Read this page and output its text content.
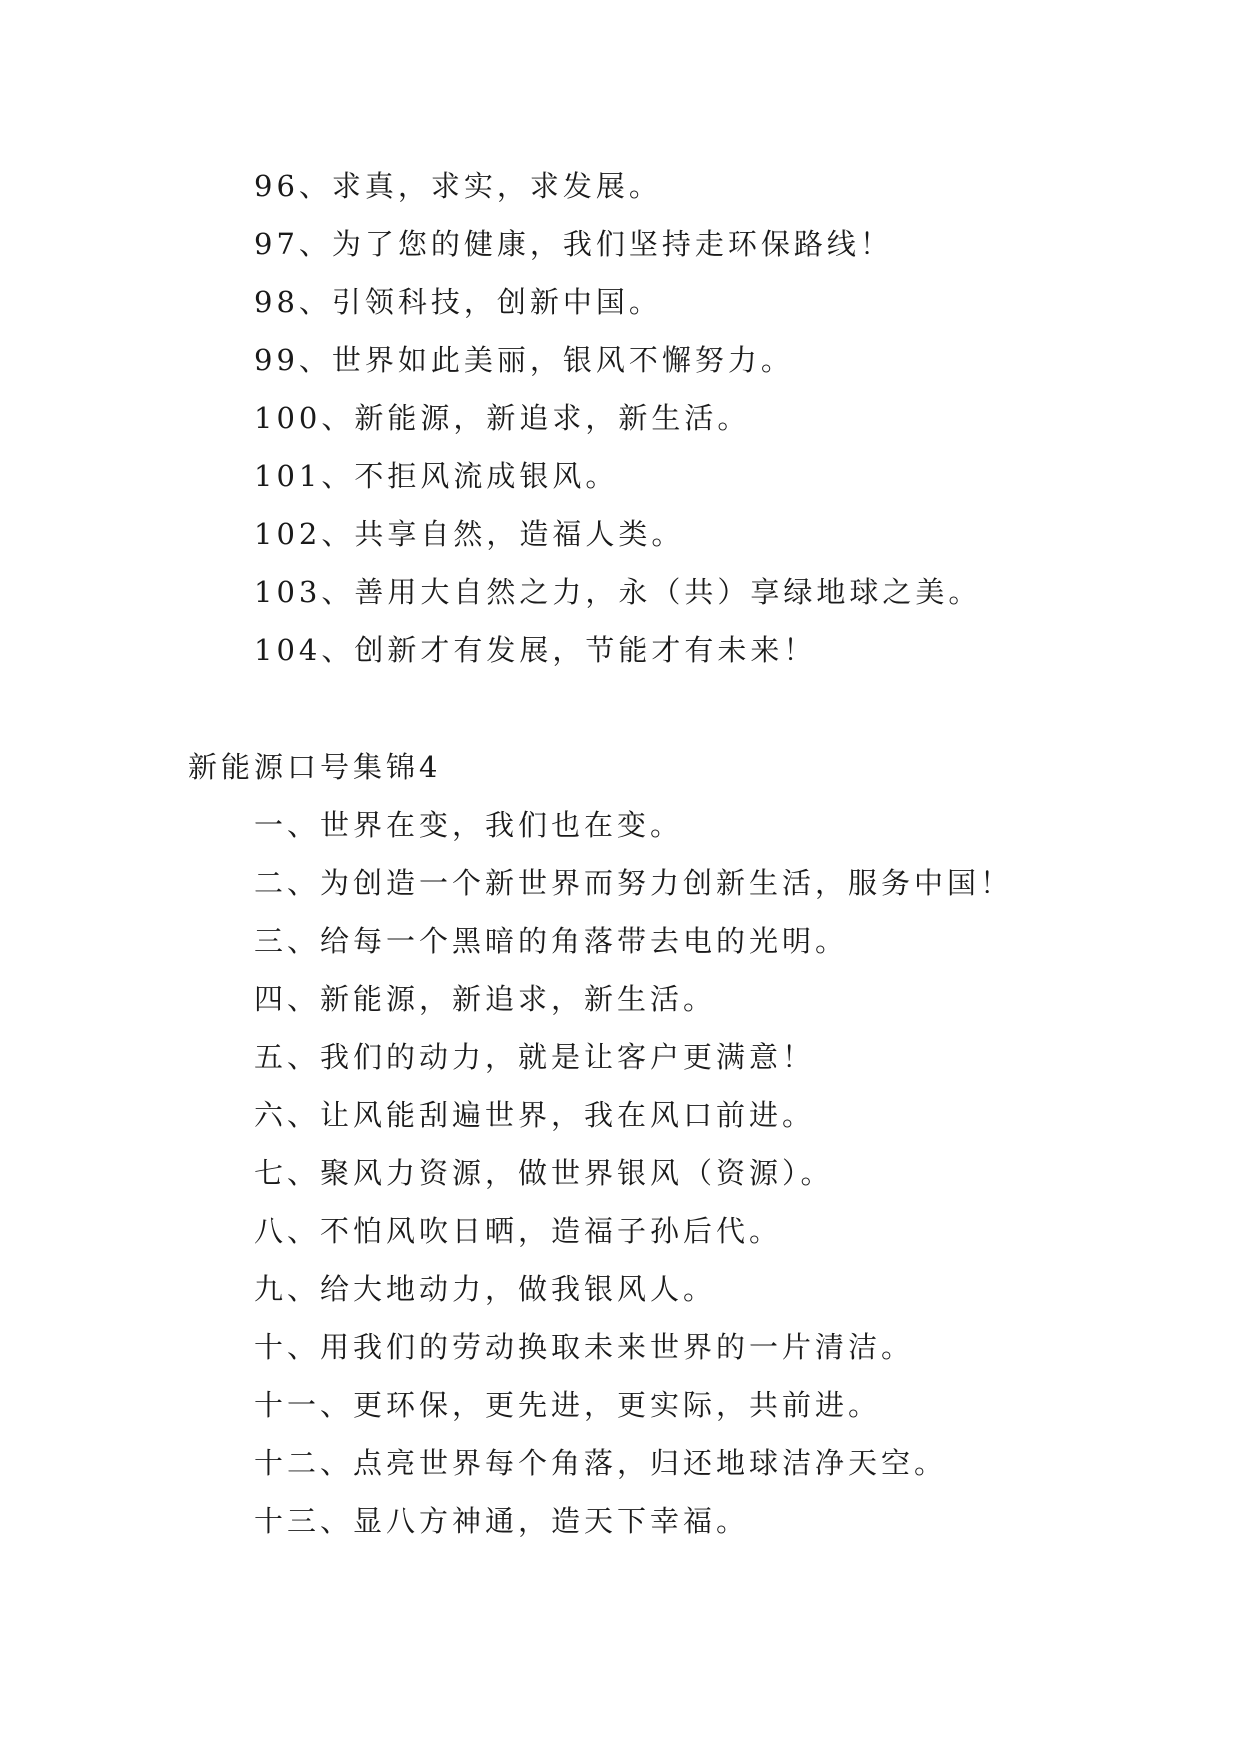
96、求真，求实，求发展。
97、为了您的健康，我们坚持走环保路线！
98、引领科技，创新中国。
99、世界如此美丽，银风不懈努力。
100、新能源，新追求，新生活。
101、不拒风流成银风。
102、共享自然，造福人类。
103、善用大自然之力，永（共）享绿地球之美。
104、创新才有发展，节能才有未来！
新能源口号集锦4
一、世界在变，我们也在变。
二、为创造一个新世界而努力创新生活，服务中国！
三、给每一个黑暗的角落带去电的光明。
四、新能源，新追求，新生活。
五、我们的动力，就是让客户更满意！
六、让风能刮遍世界，我在风口前进。
七、聚风力资源，做世界银风（资源）。
八、不怕风吹日晒，造福子孙后代。
九、给大地动力，做我银风人。
十、用我们的劳动换取未来世界的一片清洁。
十一、更环保，更先进，更实际，共前进。
十二、点亮世界每个角落，归还地球洁净天空。
十三、显八方神通，造天下幸福。
